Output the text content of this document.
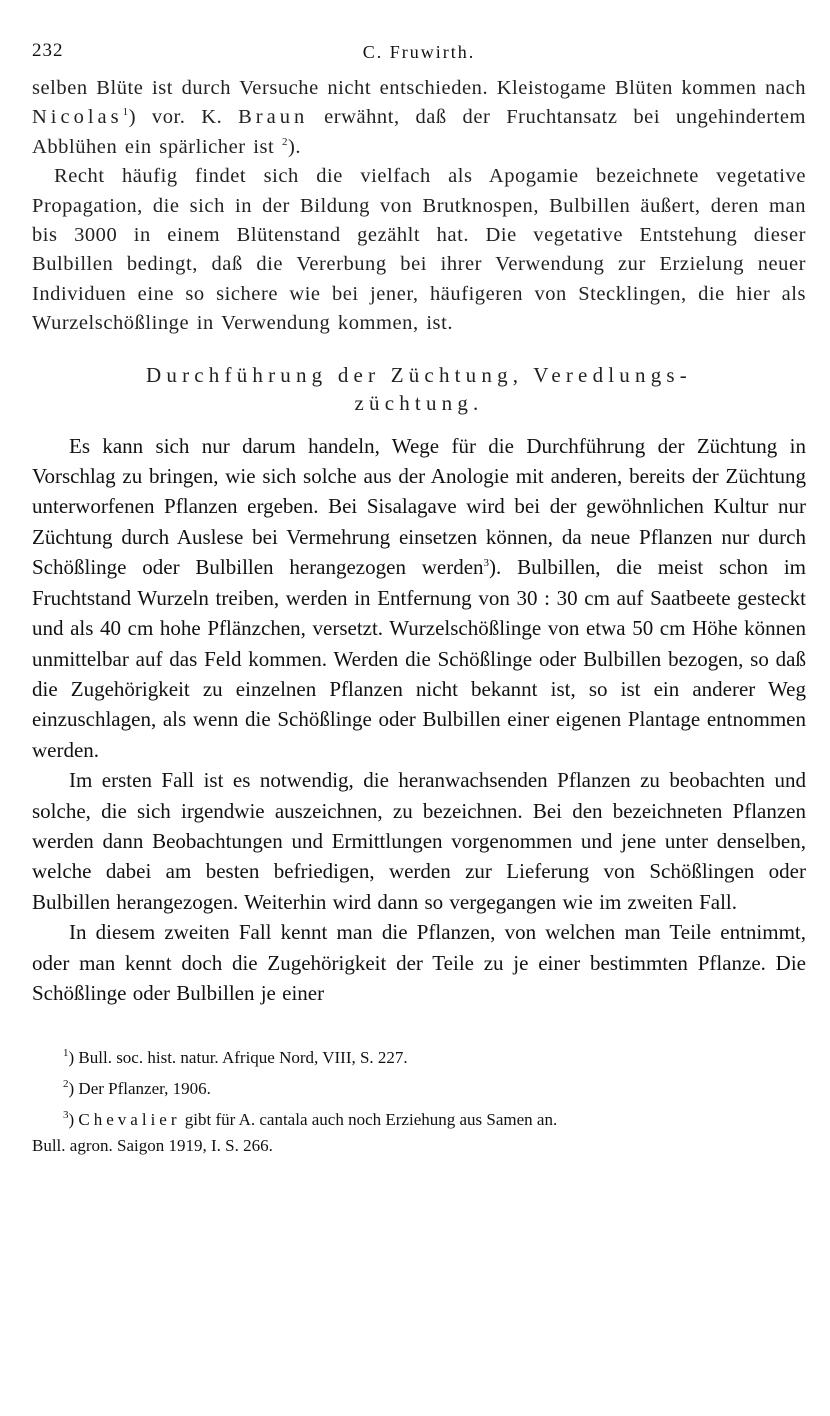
232	C. Fruwirth.

selben Blüte ist durch Versuche nicht entschieden. Kleistogame Blüten kommen nach Nicolas$^1$) vor. K. Braun erwähnt, daß der Fruchtansatz bei ungehindertem Abblühen ein spärlicher ist $^2$).

Recht häufig findet sich die vielfach als Apogamie bezeichnete vegetative Propagation, die sich in der Bildung von Brutknospen, Bulbillen äußert, deren man bis 3000 in einem Blütenstand gezählt hat. Die vegetative Entstehung dieser Bulbillen bedingt, daß die Vererbung bei ihrer Verwendung zur Erzielung neuer Individuen eine so sichere wie bei jener, häufigeren von Stecklingen, die hier als Wurzelschößlinge in Verwendung kommen, ist.

Durchführung der Züchtung, Veredlungs-
züchtung.

Es kann sich nur darum handeln, Wege für die Durchführung der Züchtung in Vorschlag zu bringen, wie sich solche aus der Anologie mit anderen, bereits der Züchtung unterworfenen Pflanzen ergeben. Bei Sisalagave wird bei der gewöhnlichen Kultur nur Züchtung durch Auslese bei Vermehrung einsetzen können, da neue Pflanzen nur durch Schößlinge oder Bulbillen herangezogen werden$^3$). Bulbillen, die meist schon im Fruchtstand Wurzeln treiben, werden in Entfernung von 30 : 30 cm auf Saatbeete gesteckt und als 40 cm hohe Pflänzchen, versetzt. Wurzelschößlinge von etwa 50 cm Höhe können unmittelbar auf das Feld kommen. Werden die Schößlinge oder Bulbillen bezogen, so daß die Zugehörigkeit zu einzelnen Pflanzen nicht bekannt ist, so ist ein anderer Weg einzuschlagen, als wenn die Schößlinge oder Bulbillen einer eigenen Plantage entnommen werden.

Im ersten Fall ist es notwendig, die heranwachsenden Pflanzen zu beobachten und solche, die sich irgendwie auszeichnen, zu bezeichnen. Bei den bezeichneten Pflanzen werden dann Beobachtungen und Ermittlungen vorgenommen und jene unter denselben, welche dabei am besten befriedigen, werden zur Lieferung von Schößlingen oder Bulbillen herangezogen. Weiterhin wird dann so vergegangen wie im zweiten Fall.

In diesem zweiten Fall kennt man die Pflanzen, von welchen man Teile entnimmt, oder man kennt doch die Zugehörigkeit der Teile zu je einer bestimmten Pflanze. Die Schößlinge oder Bulbillen je einer

$^1$) Bull. soc. hist. natur. Afrique Nord, VIII, S. 227.
$^2$) Der Pflanzer, 1906.
$^3$) Chevalier gibt für A. cantala auch noch Erziehung aus Samen an.
Bull. agron. Saigon 1919, I. S. 266.
